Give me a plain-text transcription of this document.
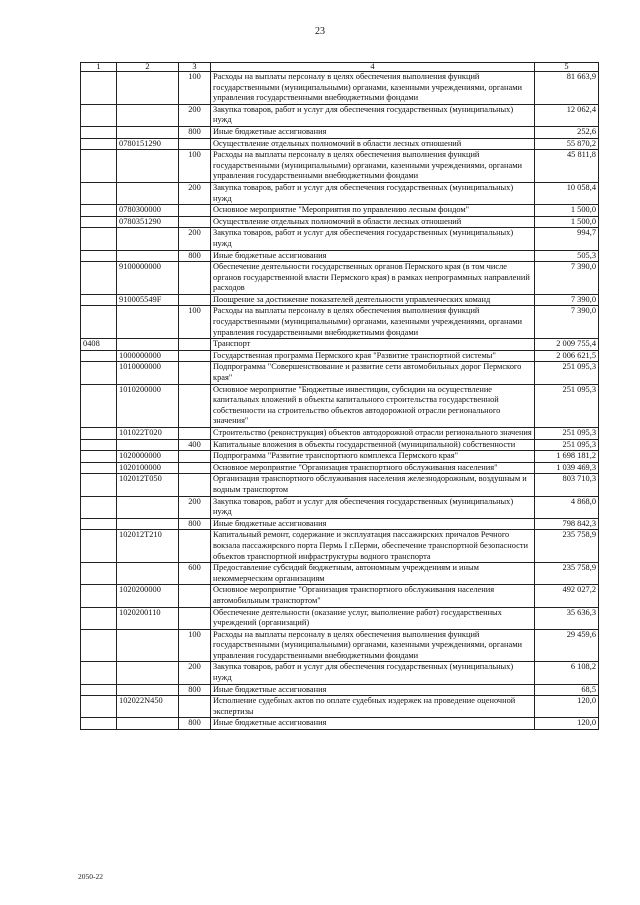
23
1	2	3	4	5
		100	Расходы на выплаты персоналу в целях обеспечения выполнения функций государственными (муниципальными) органами, казенными учреждениями, органами управления государственными внебюджетными фондами	81 663,9
		200	Закупка товаров, работ и услуг для обеспечения государственных (муниципальных) нужд	12 062,4
		800	Иные бюджетные ассигнования	252,6
	0780151290		Осуществление отдельных полномочий в области лесных отношений	55 870,2
		100	Расходы на выплаты персоналу в целях обеспечения выполнения функций государственными (муниципальными) органами, казенными учреждениями, органами управления государственными внебюджетными фондами	45 811,8
		200	Закупка товаров, работ и услуг для обеспечения государственных (муниципальных) нужд	10 058,4
	0780300000		Основное мероприятие "Мероприятия по управлению лесным фондом"	1 500,0
	0780351290		Осуществление отдельных полномочий в области лесных отношений	1 500,0
		200	Закупка товаров, работ и услуг для обеспечения государственных (муниципальных) нужд	994,7
		800	Иные бюджетные ассигнования	505,3
	9100000000		Обеспечение деятельности государственных органов Пермского края (в том числе органов государственной власти Пермского края) в рамках непрограммных направлений расходов	7 390,0
	910005549F		Поощрение за достижение показателей деятельности управленческих команд	7 390,0
		100	Расходы на выплаты персоналу в целях обеспечения выполнения функций государственными (муниципальными) органами, казенными учреждениями, органами управления государственными внебюджетными фондами	7 390,0
0408			Транспорт	2 009 755,4
	1000000000		Государственная программа Пермского края "Развитие транспортной системы"	2 006 621,5
	1010000000		Подпрограмма "Совершенствование и развитие сети автомобильных дорог Пермского края"	251 095,3
	1010200000		Основное мероприятие "Бюджетные инвестиции, субсидии на осуществление капитальных вложений в объекты капитального строительства государственной собственности на строительство объектов автодорожной отрасли регионального значения"	251 095,3
	101022Т020		Строительство (реконструкция) объектов автодорожной отрасли регионального значения	251 095,3
		400	Капитальные вложения в объекты государственной (муниципальной) собственности	251 095,3
	1020000000		Подпрограмма "Развитие транспортного комплекса Пермского края"	1 698 181,2
	1020100000		Основное мероприятие "Организация транспортного обслуживания населения"	1 039 469,3
	102012Т050		Организация транспортного обслуживания населения железнодорожным, воздушным и водным транспортом	803 710,3
		200	Закупка товаров, работ и услуг для обеспечения государственных (муниципальных) нужд	4 868,0
		800	Иные бюджетные ассигнования	798 842,3
	102012Т210		Капитальный ремонт, содержание и эксплуатация пассажирских причалов Речного вокзала пассажирского порта Пермь I г.Перми, обеспечение транспортной безопасности объектов транспортной инфраструктуры водного транспорта	235 758,9
		600	Предоставление субсидий бюджетным, автономным учреждениям и иным некоммерческим организациям	235 758,9
	1020200000		Основное мероприятие "Организация транспортного обслуживания населения автомобильным транспортом"	492 027,2
	1020200110		Обеспечение деятельности (оказание услуг, выполнение работ) государственных учреждений (организаций)	35 636,3
		100	Расходы на выплаты персоналу в целях обеспечения выполнения функций государственными (муниципальными) органами, казенными учреждениями, органами управления государственными внебюджетными фондами	29 459,6
		200	Закупка товаров, работ и услуг для обеспечения государственных (муниципальных) нужд	6 108,2
		800	Иные бюджетные ассигнования	68,5
	102022N450		Исполнение судебных актов по оплате судебных издержек на проведение оценочной экспертизы	120,0
		800	Иные бюджетные ассигнования	120,0
2050-22
